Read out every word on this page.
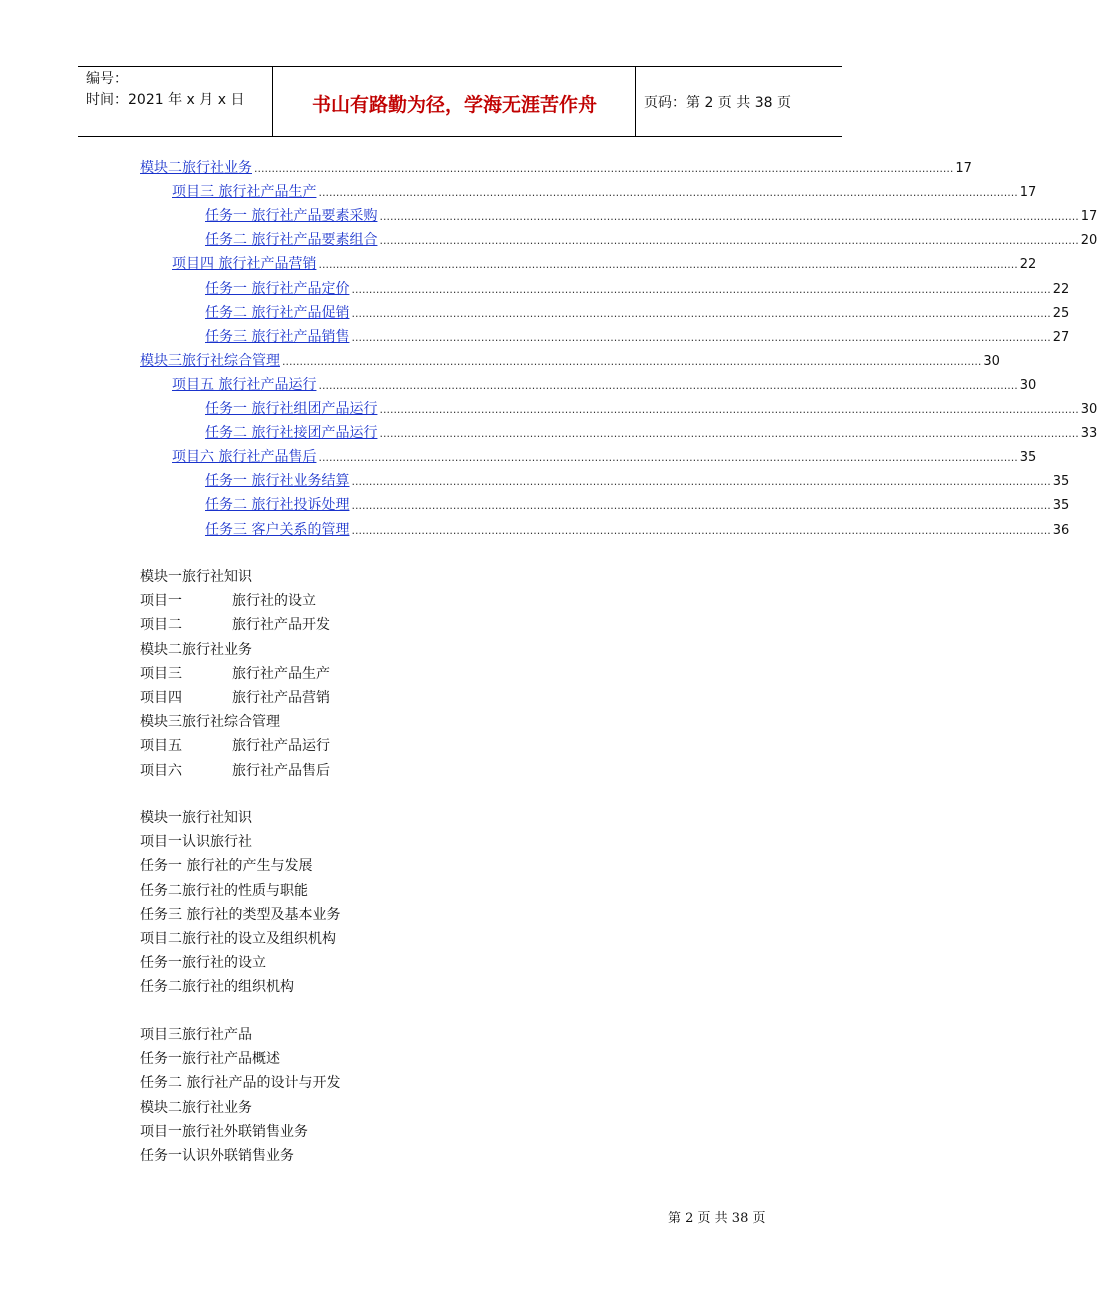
编号：
时间：2021 年 x 月 x 日	书山有路勤为径，学海无涯苦作舟	页码：第 2 页 共 38 页
模块二旅行社业务 ........................................................................................................................................................................................................ 17
项目三 旅行社产品生产 ........................................................................................................................................................................................................ 17
任务一 旅行社产品要素采购 ........................................................................................................................................................................................................ 17
任务二 旅行社产品要素组合 ........................................................................................................................................................................................................ 20
项目四 旅行社产品营销 ........................................................................................................................................................................................................ 22
任务一 旅行社产品定价 ........................................................................................................................................................................................................ 22
任务二 旅行社产品促销 ........................................................................................................................................................................................................ 25
任务三 旅行社产品销售 ........................................................................................................................................................................................................ 27
模块三旅行社综合管理 ........................................................................................................................................................................................................ 30
项目五 旅行社产品运行 ........................................................................................................................................................................................................ 30
任务一 旅行社组团产品运行 ........................................................................................................................................................................................................ 30
任务二 旅行社接团产品运行 ........................................................................................................................................................................................................ 33
项目六 旅行社产品售后 ........................................................................................................................................................................................................ 35
任务一 旅行社业务结算 ........................................................................................................................................................................................................ 35
任务二 旅行社投诉处理 ........................................................................................................................................................................................................ 35
任务三 客户关系的管理 ........................................................................................................................................................................................................ 36
模块一旅行社知识
项目一	旅行社的设立
项目二	旅行社产品开发
模块二旅行社业务
项目三	旅行社产品生产
项目四	旅行社产品营销
模块三旅行社综合管理
项目五	旅行社产品运行
项目六	旅行社产品售后
模块一旅行社知识
项目一认识旅行社
任务一 旅行社的产生与发展
任务二旅行社的性质与职能
任务三 旅行社的类型及基本业务
项目二旅行社的设立及组织机构
任务一旅行社的设立
任务二旅行社的组织机构
项目三旅行社产品
任务一旅行社产品概述
任务二 旅行社产品的设计与开发
模块二旅行社业务
项目一旅行社外联销售业务
任务一认识外联销售业务
第 2 页 共 38 页
